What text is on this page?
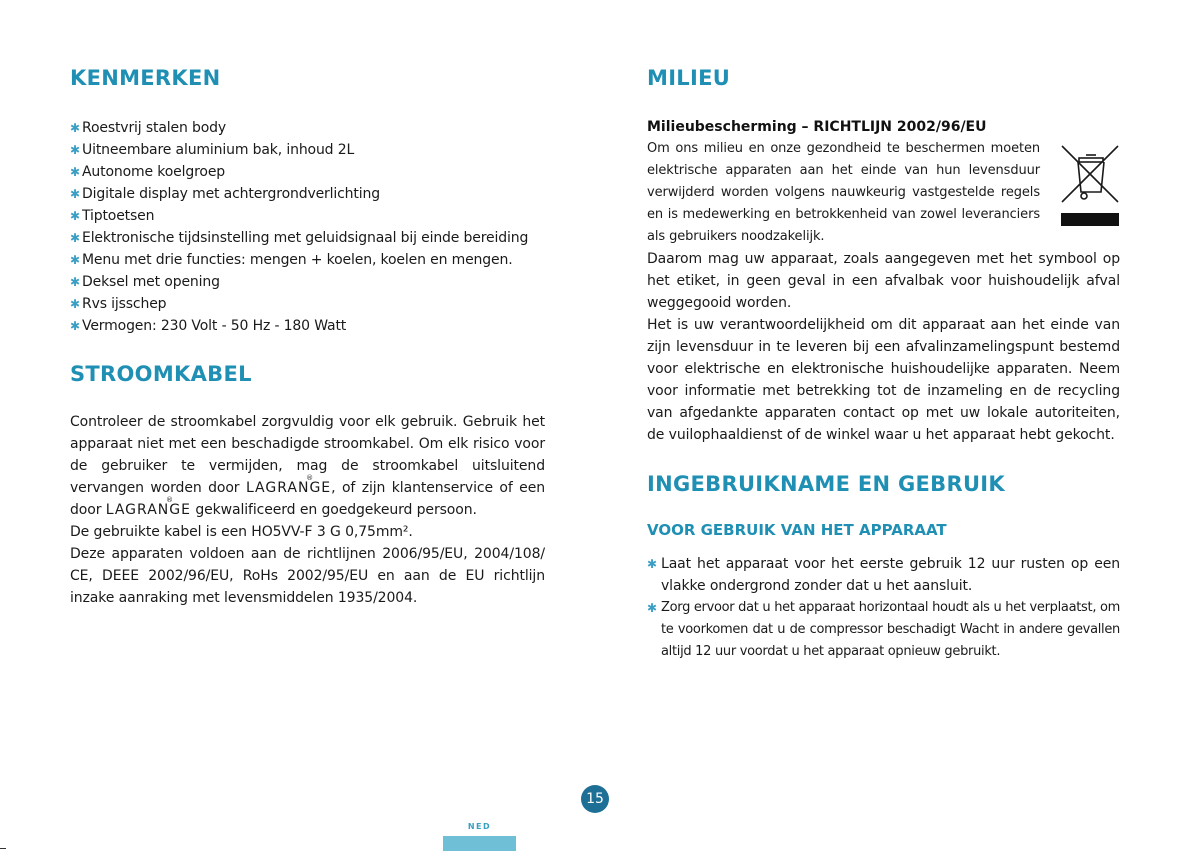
KENMERKEN
✱ Roestvrij stalen body
✱ Uitneembare aluminium bak, inhoud 2L
✱ Autonome koelgroep
✱ Digitale display met achtergrondverlichting
✱ Tiptoetsen
✱ Elektronische tijdsinstelling met geluidsignaal bij einde bereiding
✱ Menu met drie functies: mengen + koelen, koelen en mengen.
✱ Deksel met opening
✱ Rvs ijsschep
✱ Vermogen: 230 Volt - 50 Hz - 180 Watt
STROOMKABEL
Controleer de stroomkabel zorgvuldig voor elk gebruik. Gebruik het apparaat niet met een beschadigde stroomkabel. Om elk risico voor de gebruiker te vermijden, mag de stroomkabel uitsluitend vervangen worden door LAGRANGE
®
, of zijn klantenservice of een door LAGRANGE
®
gekwalificeerd en goedgekeurd persoon.
De gebruikte kabel is een HO5VV-F 3 G 0,75mm².
Deze apparaten voldoen aan de richtlijnen 2006/95/EU, 2004/108/ CE, DEEE 2002/96/EU, RoHs 2002/95/EU en aan de EU richtlijn inzake aanraking met levensmiddelen 1935/2004.
MILIEU
Milieubescherming – RICHTLIJN 2002/96/EU
Om ons milieu en onze gezondheid te beschermen moeten elektrische apparaten aan het einde van hun levensduur verwijderd worden volgens nauwkeurig vastgestelde regels en is medewerking en betrokkenheid van zowel leveranciers als gebruikers noodzakelijk.
Daarom mag uw apparaat, zoals aangegeven met het symbool op het etiket, in geen geval in een afvalbak voor huishoudelijk afval weggegooid worden.
Het is uw verantwoordelijkheid om dit apparaat aan het einde van zijn levensduur in te leveren bij een afvalinzamelingspunt bestemd voor elektrische en elektronische huishoudelijke apparaten. Neem voor informatie met betrekking tot de inzameling en de recycling van afgedankte apparaten contact op met uw lokale autoriteiten, de vuilophaaldienst of de winkel waar u het apparaat hebt gekocht.
INGEBRUIKNAME EN GEBRUIK
VOOR GEBRUIK VAN HET APPARAAT
✱ Laat het apparaat voor het eerste gebruik 12 uur rusten op een vlakke ondergrond zonder dat u het aansluit.
✱ Zorg ervoor dat u het apparaat horizontaal houdt als u het verplaatst, om te voorkomen dat u de compressor beschadigt Wacht in andere gevallen altijd 12 uur voordat u het apparaat opnieuw gebruikt.
15
NED
